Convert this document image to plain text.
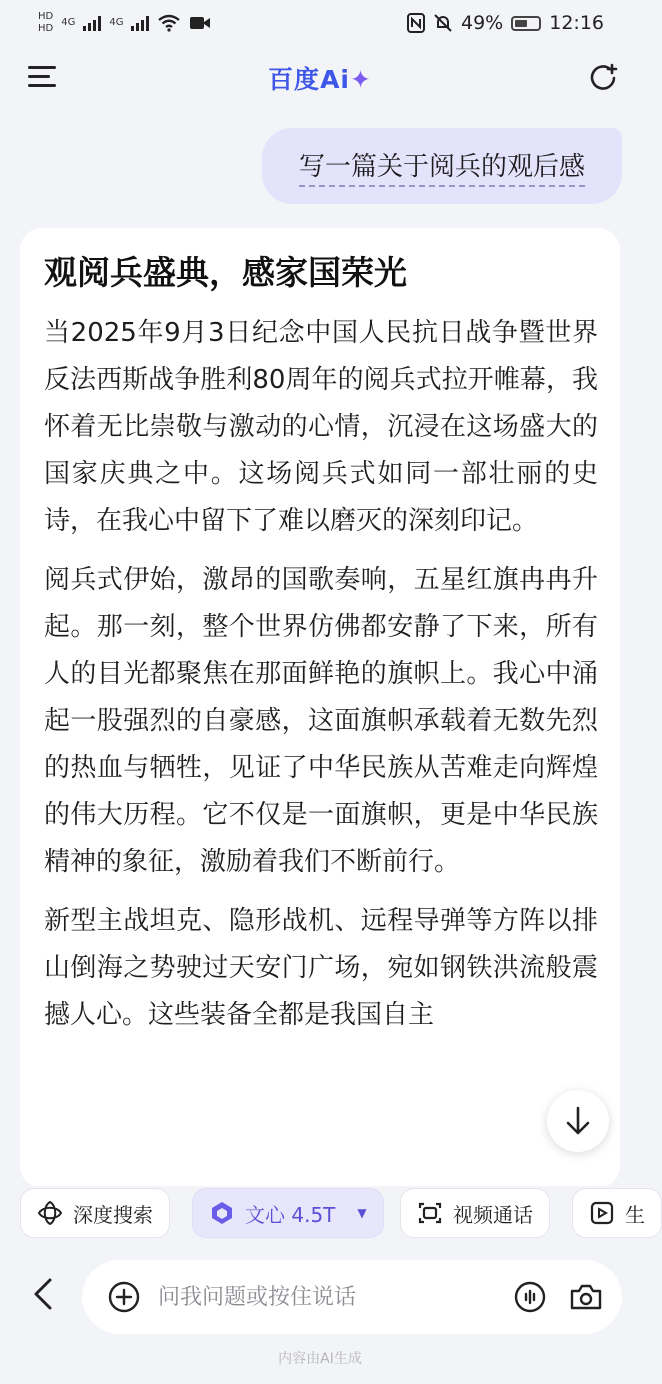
HD
HD
4G	4G	49% 12:16
百度Ai✦
写一篇关于阅兵的观后感
观阅兵盛典，感家国荣光

当2025年9月3日纪念中国人民抗日战争暨世界反法西斯战争胜利80周年的阅兵式拉开帷幕，我怀着无比崇敬与激动的心情，沉浸在这场盛大的国家庆典之中。这场阅兵式如同一部壮丽的史诗，在我心中留下了难以磨灭的深刻印记。

阅兵式伊始，激昂的国歌奏响，五星红旗冉冉升起。那一刻，整个世界仿佛都安静了下来，所有人的目光都聚焦在那面鲜艳的旗帜上。我心中涌起一股强烈的自豪感，这面旗帜承载着无数先烈的热血与牺牲，见证了中华民族从苦难走向辉煌的伟大历程。它不仅是一面旗帜，更是中华民族精神的象征，激励着我们不断前行。

新型主战坦克、隐形战机、远程导弹等方阵以排山倒海之势驶过天安门广场，宛如钢铁洪流般震撼人心。这些装备全都是我国自主

深度搜索	文心 4.5T ▼	视频通话	生
问我问题或按住说话
内容由AI生成
